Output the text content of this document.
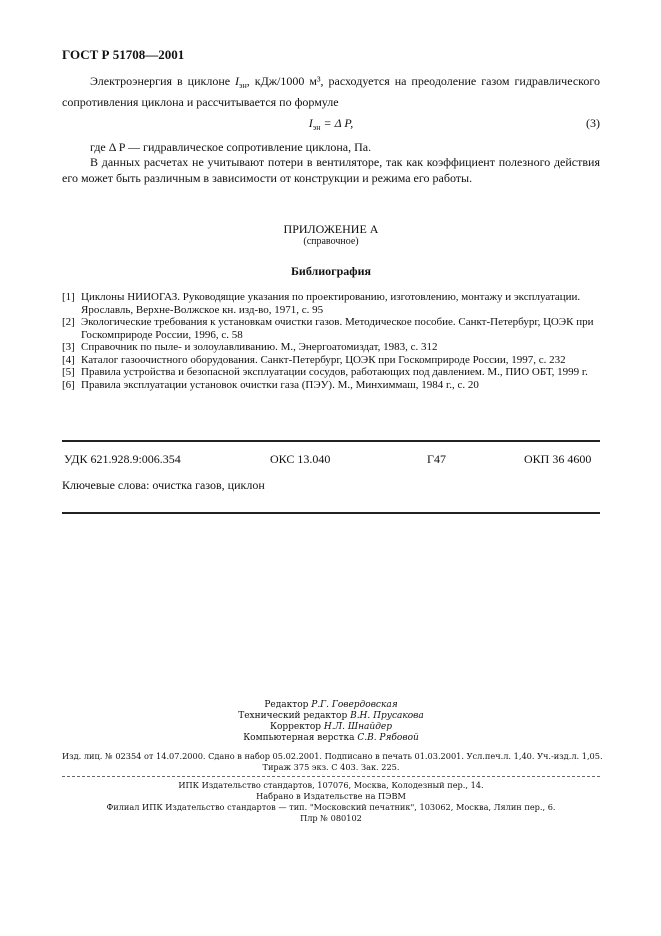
ГОСТ Р 51708—2001
Электроэнергия в циклоне $I_{эн}$, кДж/1000 м³, расходуется на преодоление газом гидравлического сопротивления циклона и рассчитывается по формуле
$I_{эн} = \Delta$ P,	(3)
где Δ P — гидравлическое сопротивление циклона, Па.
В данных расчетах не учитывают потери в вентиляторе, так как коэффициент полезного действия его может быть различным в зависимости от конструкции и режима его работы.
ПРИЛОЖЕНИЕ А
(справочное)
Библиография
[1] Циклоны НИИОГАЗ. Руководящие указания по проектированию, изготовлению, монтажу и эксплуатации. Ярославль, Верхне-Волжское кн. изд-во, 1971, с. 95
[2] Экологические требования к установкам очистки газов. Методическое пособие. Санкт-Петербург, ЦОЭК при Госкомприроде России, 1996, с. 58
[3] Справочник по пыле- и золоулавливанию. М., Энергоатомиздат, 1983, с. 312
[4] Каталог газоочистного оборудования. Санкт-Петербург, ЦОЭК при Госкомприроде России, 1997, с. 232
[5] Правила устройства и безопасной эксплуатации сосудов, работающих под давлением. М., ПИО ОБТ, 1999 г.
[6] Правила эксплуатации установок очистки газа (ПЭУ). М., Минхиммаш, 1984 г., с. 20
УДК 621.928.9:006.354	ОКС 13.040	Г47	ОКП 36 4600
Ключевые слова: очистка газов, циклон
Редактор Р.Г. Говердовская
Технический редактор В.Н. Прусакова
Корректор Н.Л. Шнайдер
Компьютерная верстка С.В. Рябовой
Изд. лиц. № 02354 от 14.07.2000. Сдано в набор 05.02.2001. Подписано в печать 01.03.2001. Усл.печ.л. 1,40. Уч.-изд.л. 1,05.
Тираж 375 экз. С 403. Зак. 225.
ИПК Издательство стандартов, 107076, Москва, Колодезный пер., 14.
Набрано в Издательстве на ПЭВМ
Филиал ИПК Издательство стандартов — тип. "Московский печатник", 103062, Москва, Лялин пер., 6.
Плр № 080102
